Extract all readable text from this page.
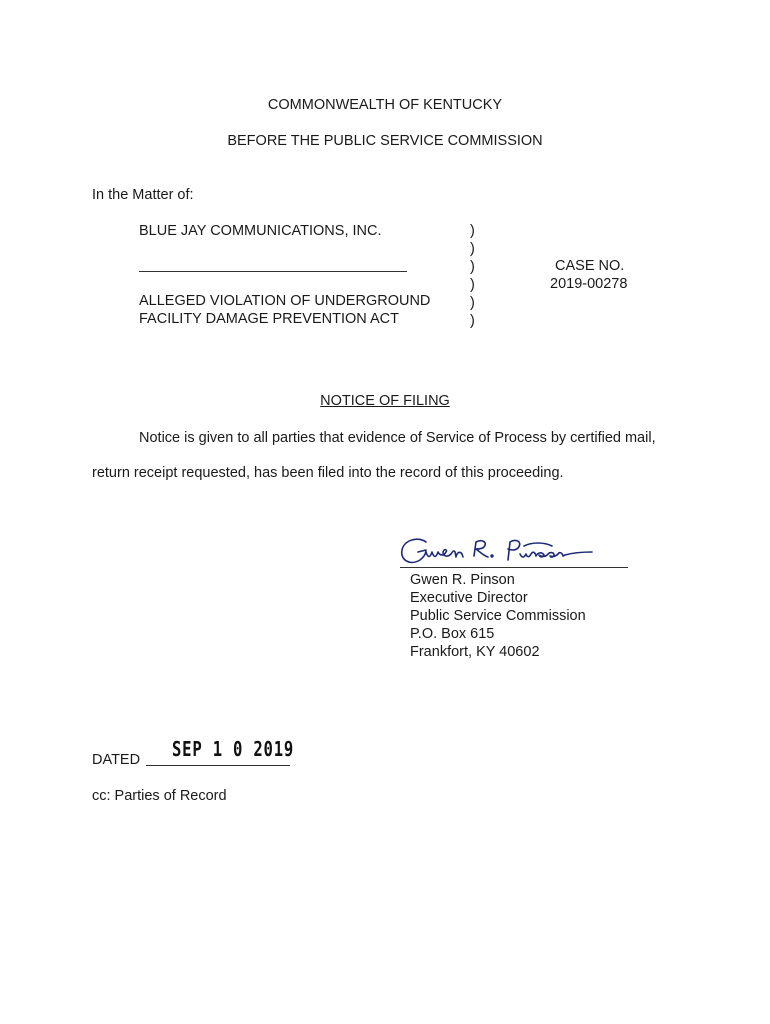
COMMONWEALTH OF KENTUCKY
BEFORE THE PUBLIC SERVICE COMMISSION
In the Matter of:
BLUE JAY COMMUNICATIONS, INC.
ALLEGED VIOLATION OF UNDERGROUND
FACILITY DAMAGE PREVENTION ACT
)
)
)
)
)
)
CASE NO.
2019-00278
NOTICE OF FILING
Notice is given to all parties that evidence of Service of Process by certified mail,
return receipt requested, has been filed into the record of this proceeding.
Gwen R. Pinson
Executive Director
Public Service Commission
P.O. Box 615
Frankfort, KY 40602
DATED SEP 1 0 2019
cc: Parties of Record
